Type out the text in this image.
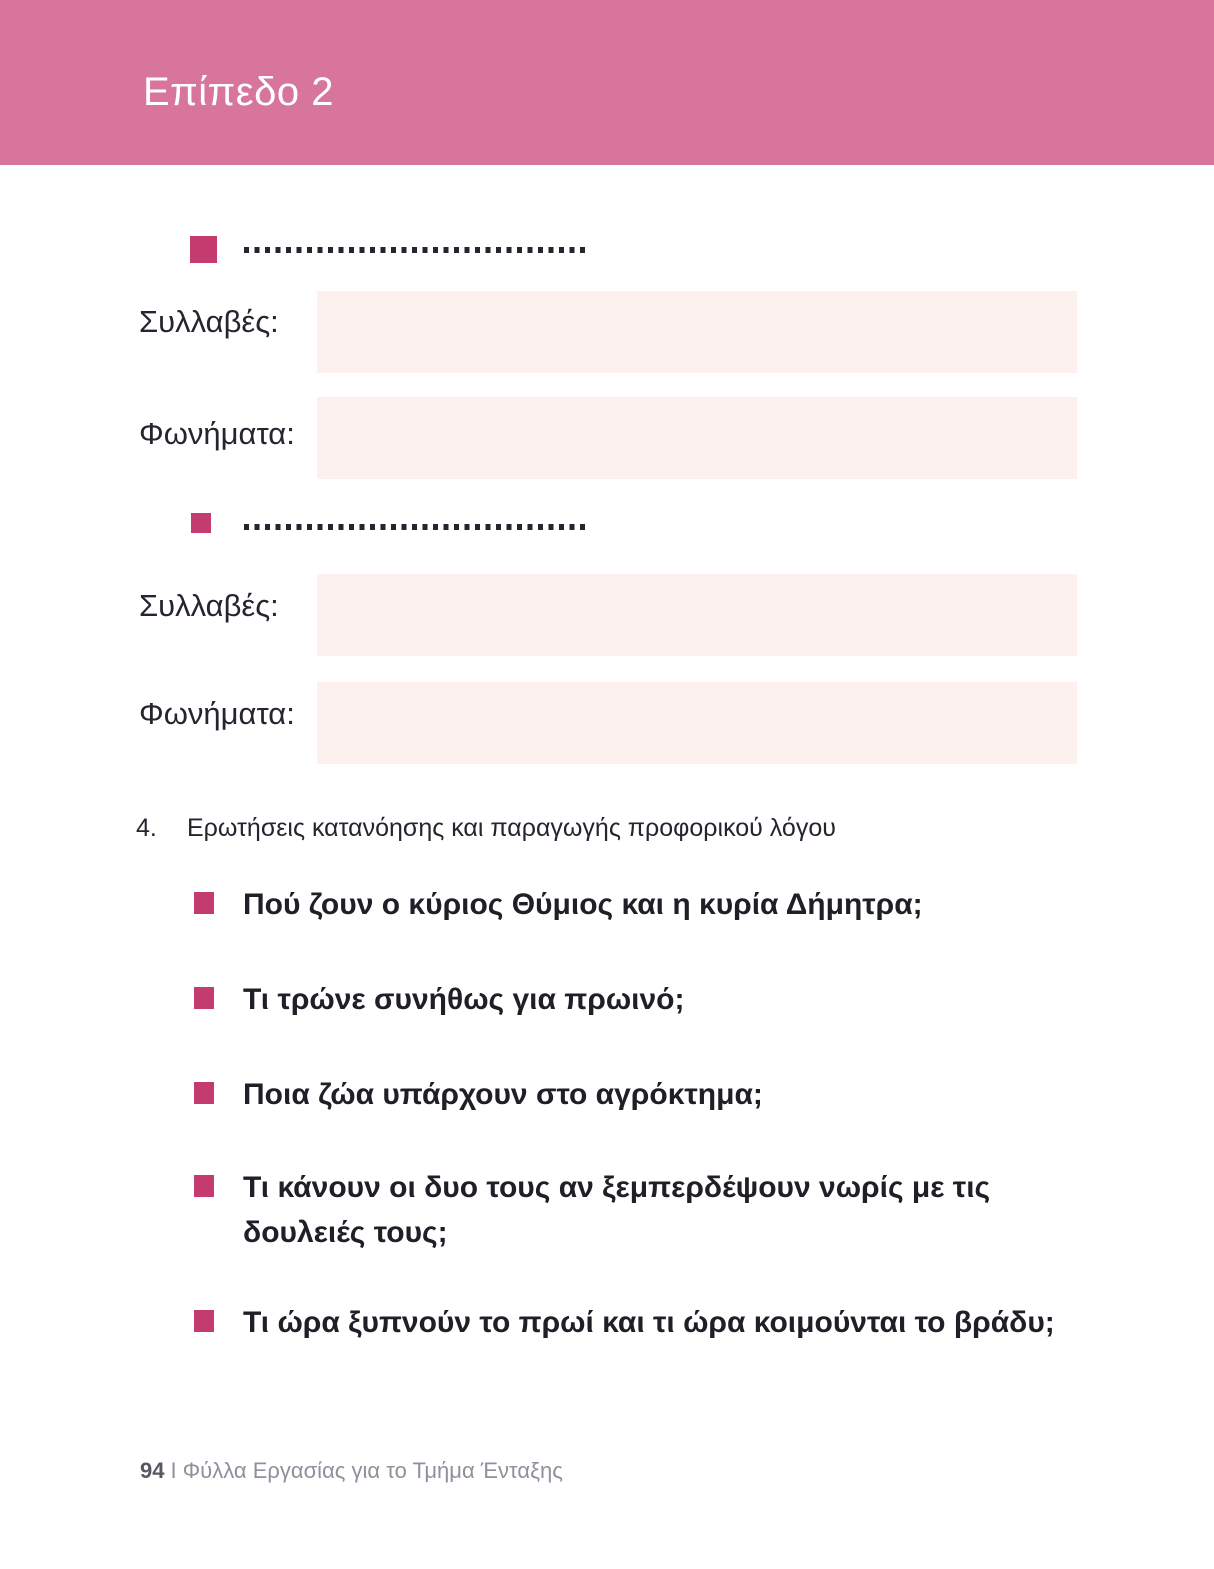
Επίπεδο 2
Συλλαβές:
Φωνήματα:
Συλλαβές:
Φωνήματα:
4. Ερωτήσεις κατανόησης και παραγωγής προφορικού λόγου
Πού ζουν ο κύριος Θύμιος και η κυρία Δήμητρα;
Τι τρώνε συνήθως για πρωινό;
Ποια ζώα υπάρχουν στο αγρόκτημα;
Τι κάνουν οι δυο τους αν ξεμπερδέψουν νωρίς με τις δουλειές τους;
Τι ώρα ξυπνούν το πρωί και τι ώρα κοιμούνται το βράδυ;
94 Ι Φύλλα Εργασίας για το Τμήμα Ένταξης
